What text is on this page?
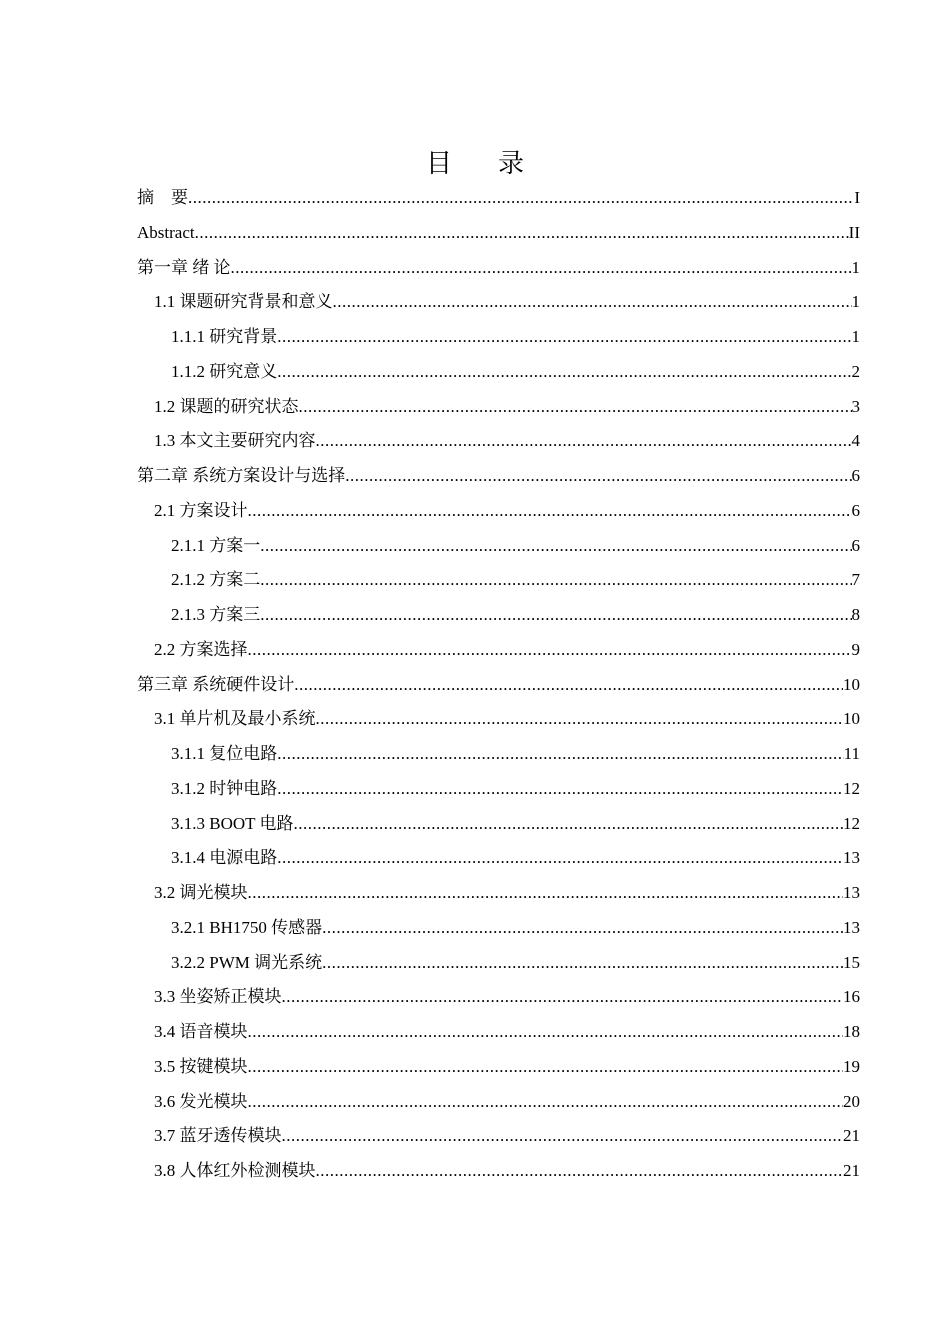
目 录
摘　要 .....	I
Abstract .....	II
第一章 绪 论 .....	1
1.1 课题研究背景和意义 .....	1
1.1.1 研究背景 .....	1
1.1.2 研究意义 .....	2
1.2 课题的研究状态 .....	3
1.3 本文主要研究内容 .....	4
第二章 系统方案设计与选择 .....	6
2.1 方案设计 .....	6
2.1.1 方案一 .....	6
2.1.2 方案二 .....	7
2.1.3 方案三 .....	8
2.2 方案选择 .....	9
第三章 系统硬件设计 .....	10
3.1 单片机及最小系统 .....	10
3.1.1 复位电路 .....	11
3.1.2 时钟电路 .....	12
3.1.3 BOOT 电路 .....	12
3.1.4 电源电路 .....	13
3.2 调光模块 .....	13
3.2.1 BH1750 传感器 .....	13
3.2.2 PWM 调光系统 .....	15
3.3 坐姿矫正模块 .....	16
3.4 语音模块 .....	18
3.5 按键模块 .....	19
3.6 发光模块 .....	20
3.7 蓝牙透传模块 .....	21
3.8 人体红外检测模块 .....	21
